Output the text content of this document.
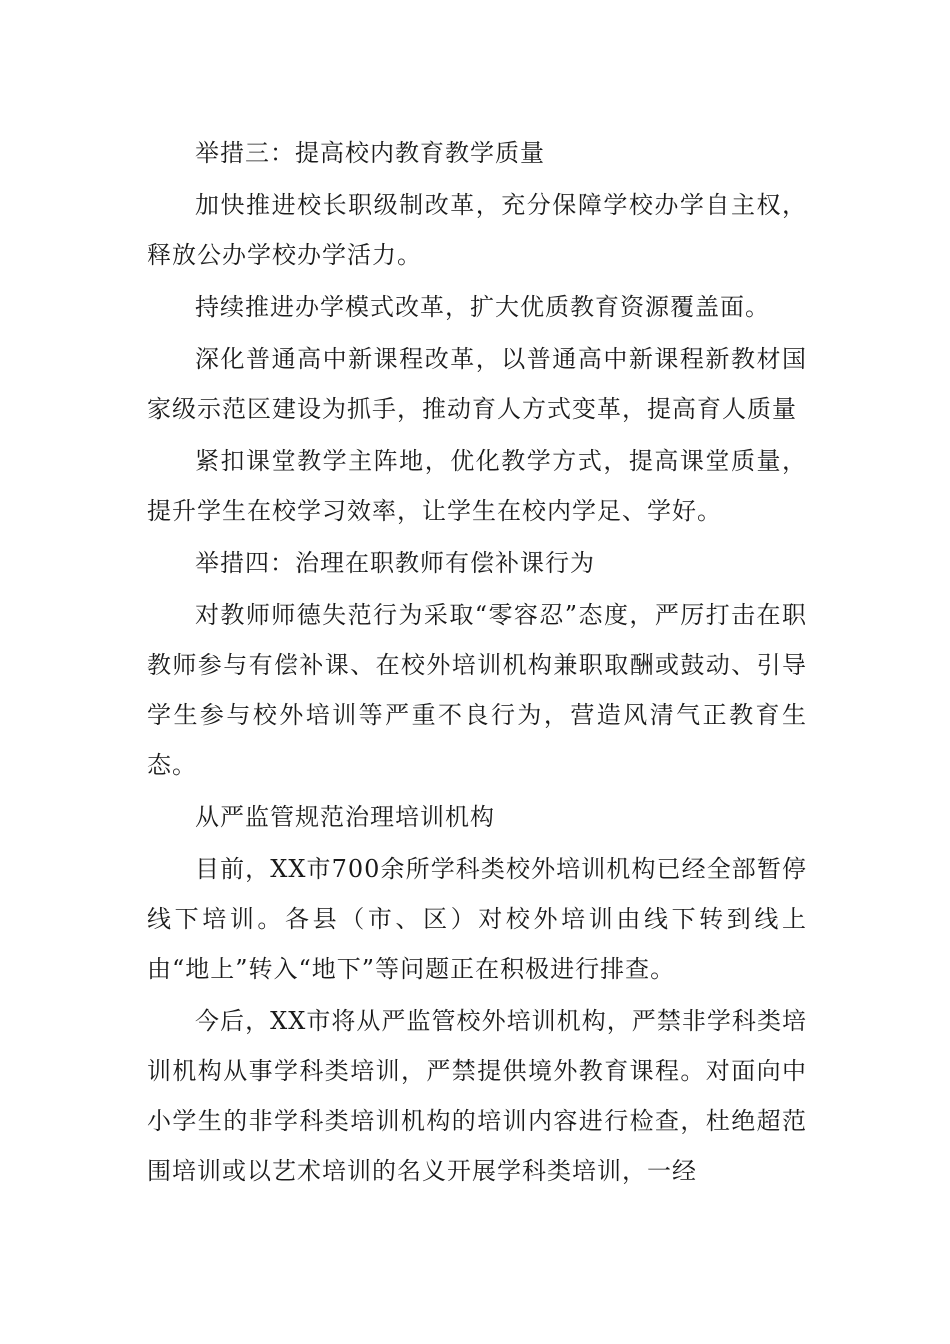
举措三：提高校内教育教学质量

加快推进校长职级制改革，充分保障学校办学自主权，释放公办学校办学活力。

持续推进办学模式改革，扩大优质教育资源覆盖面。

深化普通高中新课程改革，以普通高中新课程新教材国家级示范区建设为抓手，推动育人方式变革，提高育人质量

紧扣课堂教学主阵地，优化教学方式，提高课堂质量，提升学生在校学习效率，让学生在校内学足、学好。

举措四：治理在职教师有偿补课行为

对教师师德失范行为采取“零容忍”态度，严厉打击在职教师参与有偿补课、在校外培训机构兼职取酬或鼓动、引导学生参与校外培训等严重不良行为，营造风清气正教育生态。

从严监管规范治理培训机构

目前，XX市700余所学科类校外培训机构已经全部暂停线下培训。各县（市、区）对校外培训由线下转到线上由“地上”转入“地下”等问题正在积极进行排查。

今后，XX市将从严监管校外培训机构，严禁非学科类培训机构从事学科类培训，严禁提供境外教育课程。对面向中小学生的非学科类培训机构的培训内容进行检查，杜绝超范围培训或以艺术培训的名义开展学科类培训，一经
